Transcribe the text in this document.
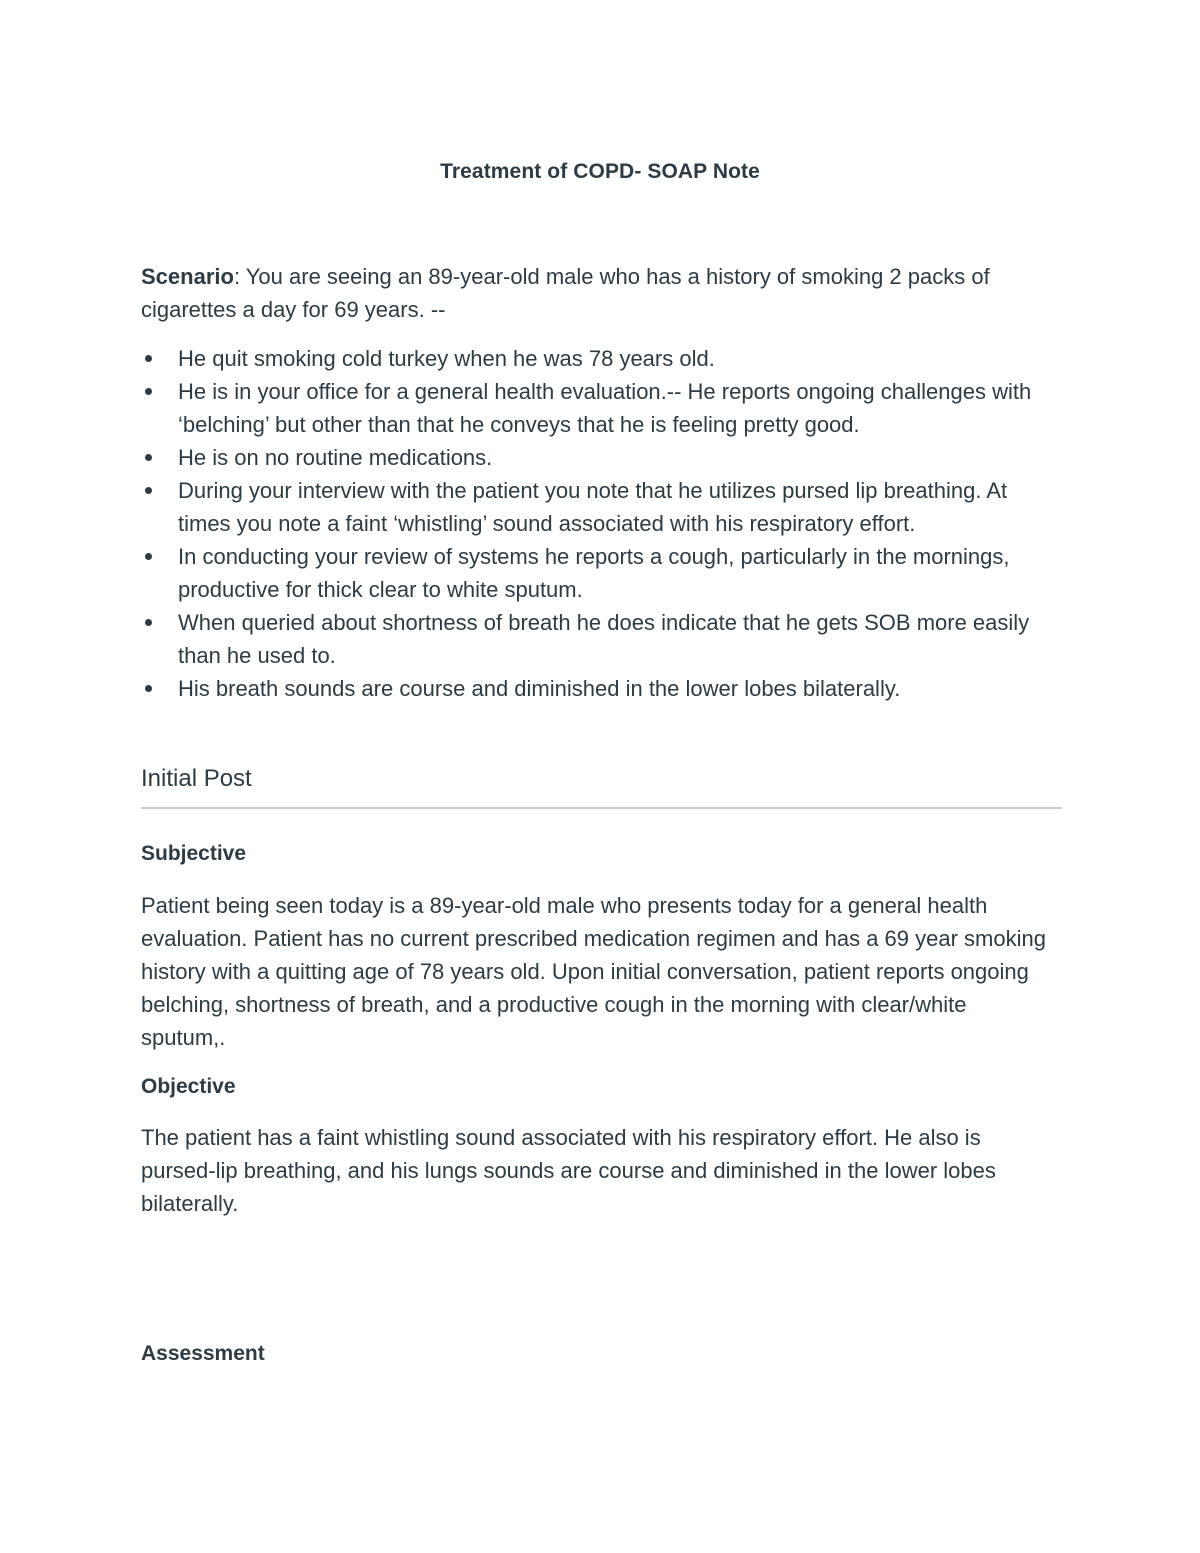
Treatment of COPD- SOAP Note
Scenario: You are seeing an 89-year-old male who has a history of smoking 2 packs of cigarettes a day for 69 years. --
He quit smoking cold turkey when he was 78 years old.
He is in your office for a general health evaluation.-- He reports ongoing challenges with ‘belching’ but other than that he conveys that he is feeling pretty good.
He is on no routine medications.
During your interview with the patient you note that he utilizes pursed lip breathing. At times you note a faint ‘whistling’ sound associated with his respiratory effort.
In conducting your review of systems he reports a cough, particularly in the mornings, productive for thick clear to white sputum.
When queried about shortness of breath he does indicate that he gets SOB more easily than he used to.
His breath sounds are course and diminished in the lower lobes bilaterally.
Initial Post
Subjective
Patient being seen today is a 89-year-old male who presents today for a general health evaluation. Patient has no current prescribed medication regimen and has a 69 year smoking history with a quitting age of 78 years old. Upon initial conversation, patient reports ongoing belching, shortness of breath, and a productive cough in the morning with clear/white sputum,.
Objective
The patient has a faint whistling sound associated with his respiratory effort. He also is pursed-lip breathing, and his lungs sounds are course and diminished in the lower lobes bilaterally.
Assessment
